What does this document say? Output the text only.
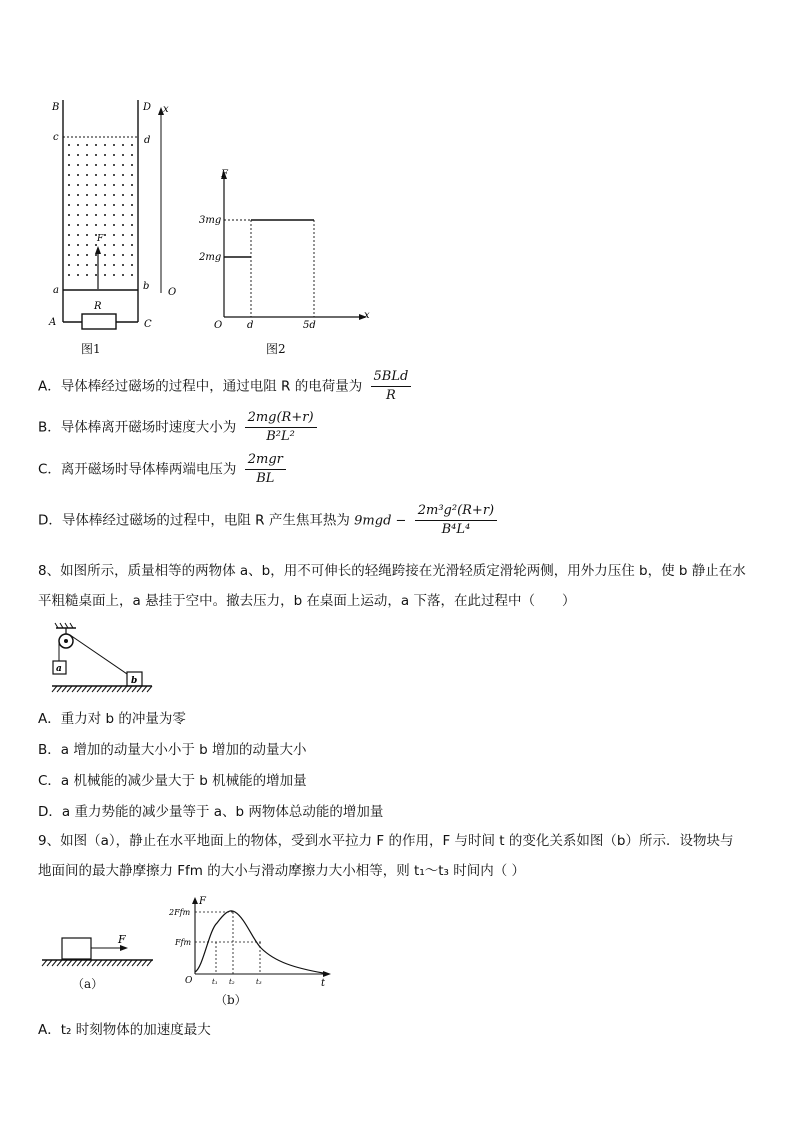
B	D x
c	d
F
a	b
O
R
A	C
图1
F
x
O
3mg
2mg
d	5d
图2
A．导体棒经过磁场的过程中，通过电阻 R 的电荷量为 $\frac{\text{5BLd}}{R}$
B．导体棒离开磁场时速度大小为 $\frac{2mg(R+r)}{\text{B²L²}}$
C．离开磁场时导体棒两端电压为 $\frac{\text{2mgr}}{BL}$
D．导体棒经过磁场的过程中，电阻 R 产生焦耳热为 $9mgd - \frac{\text{2m³g²(R+r)}}{\text{B⁴L⁴}}$
8、如图所示，质量相等的两物体 a、b，用不可伸长的轻绳跨接在光滑轻质定滑轮两侧，用外力压住 b，使 b 静止在水
平粗糙桌面上，a 悬挂于空中。撤去压力，b 在桌面上运动，a 下落，在此过程中（　　）
a
b
A．重力对 b 的冲量为零
B．a 增加的动量大小小于 b 增加的动量大小
C．a 机械能的减少量大于 b 机械能的增加量
D．a 重力势能的减少量等于 a、b 两物体总动能的增加量
9、如图（a），静止在水平地面上的物体，受到水平拉力 F 的作用，F 与时间 t 的变化关系如图（b）所示．设物块与
地面间的最大静摩擦力 Ffm 的大小与滑动摩擦力大小相等，则 t₁～t₃ 时间内（ ）
F
（a）
F
2Ffm
Ffm
O	t
t₁ t₂	t₃
（b）
A．t₂ 时刻物体的加速度最大
